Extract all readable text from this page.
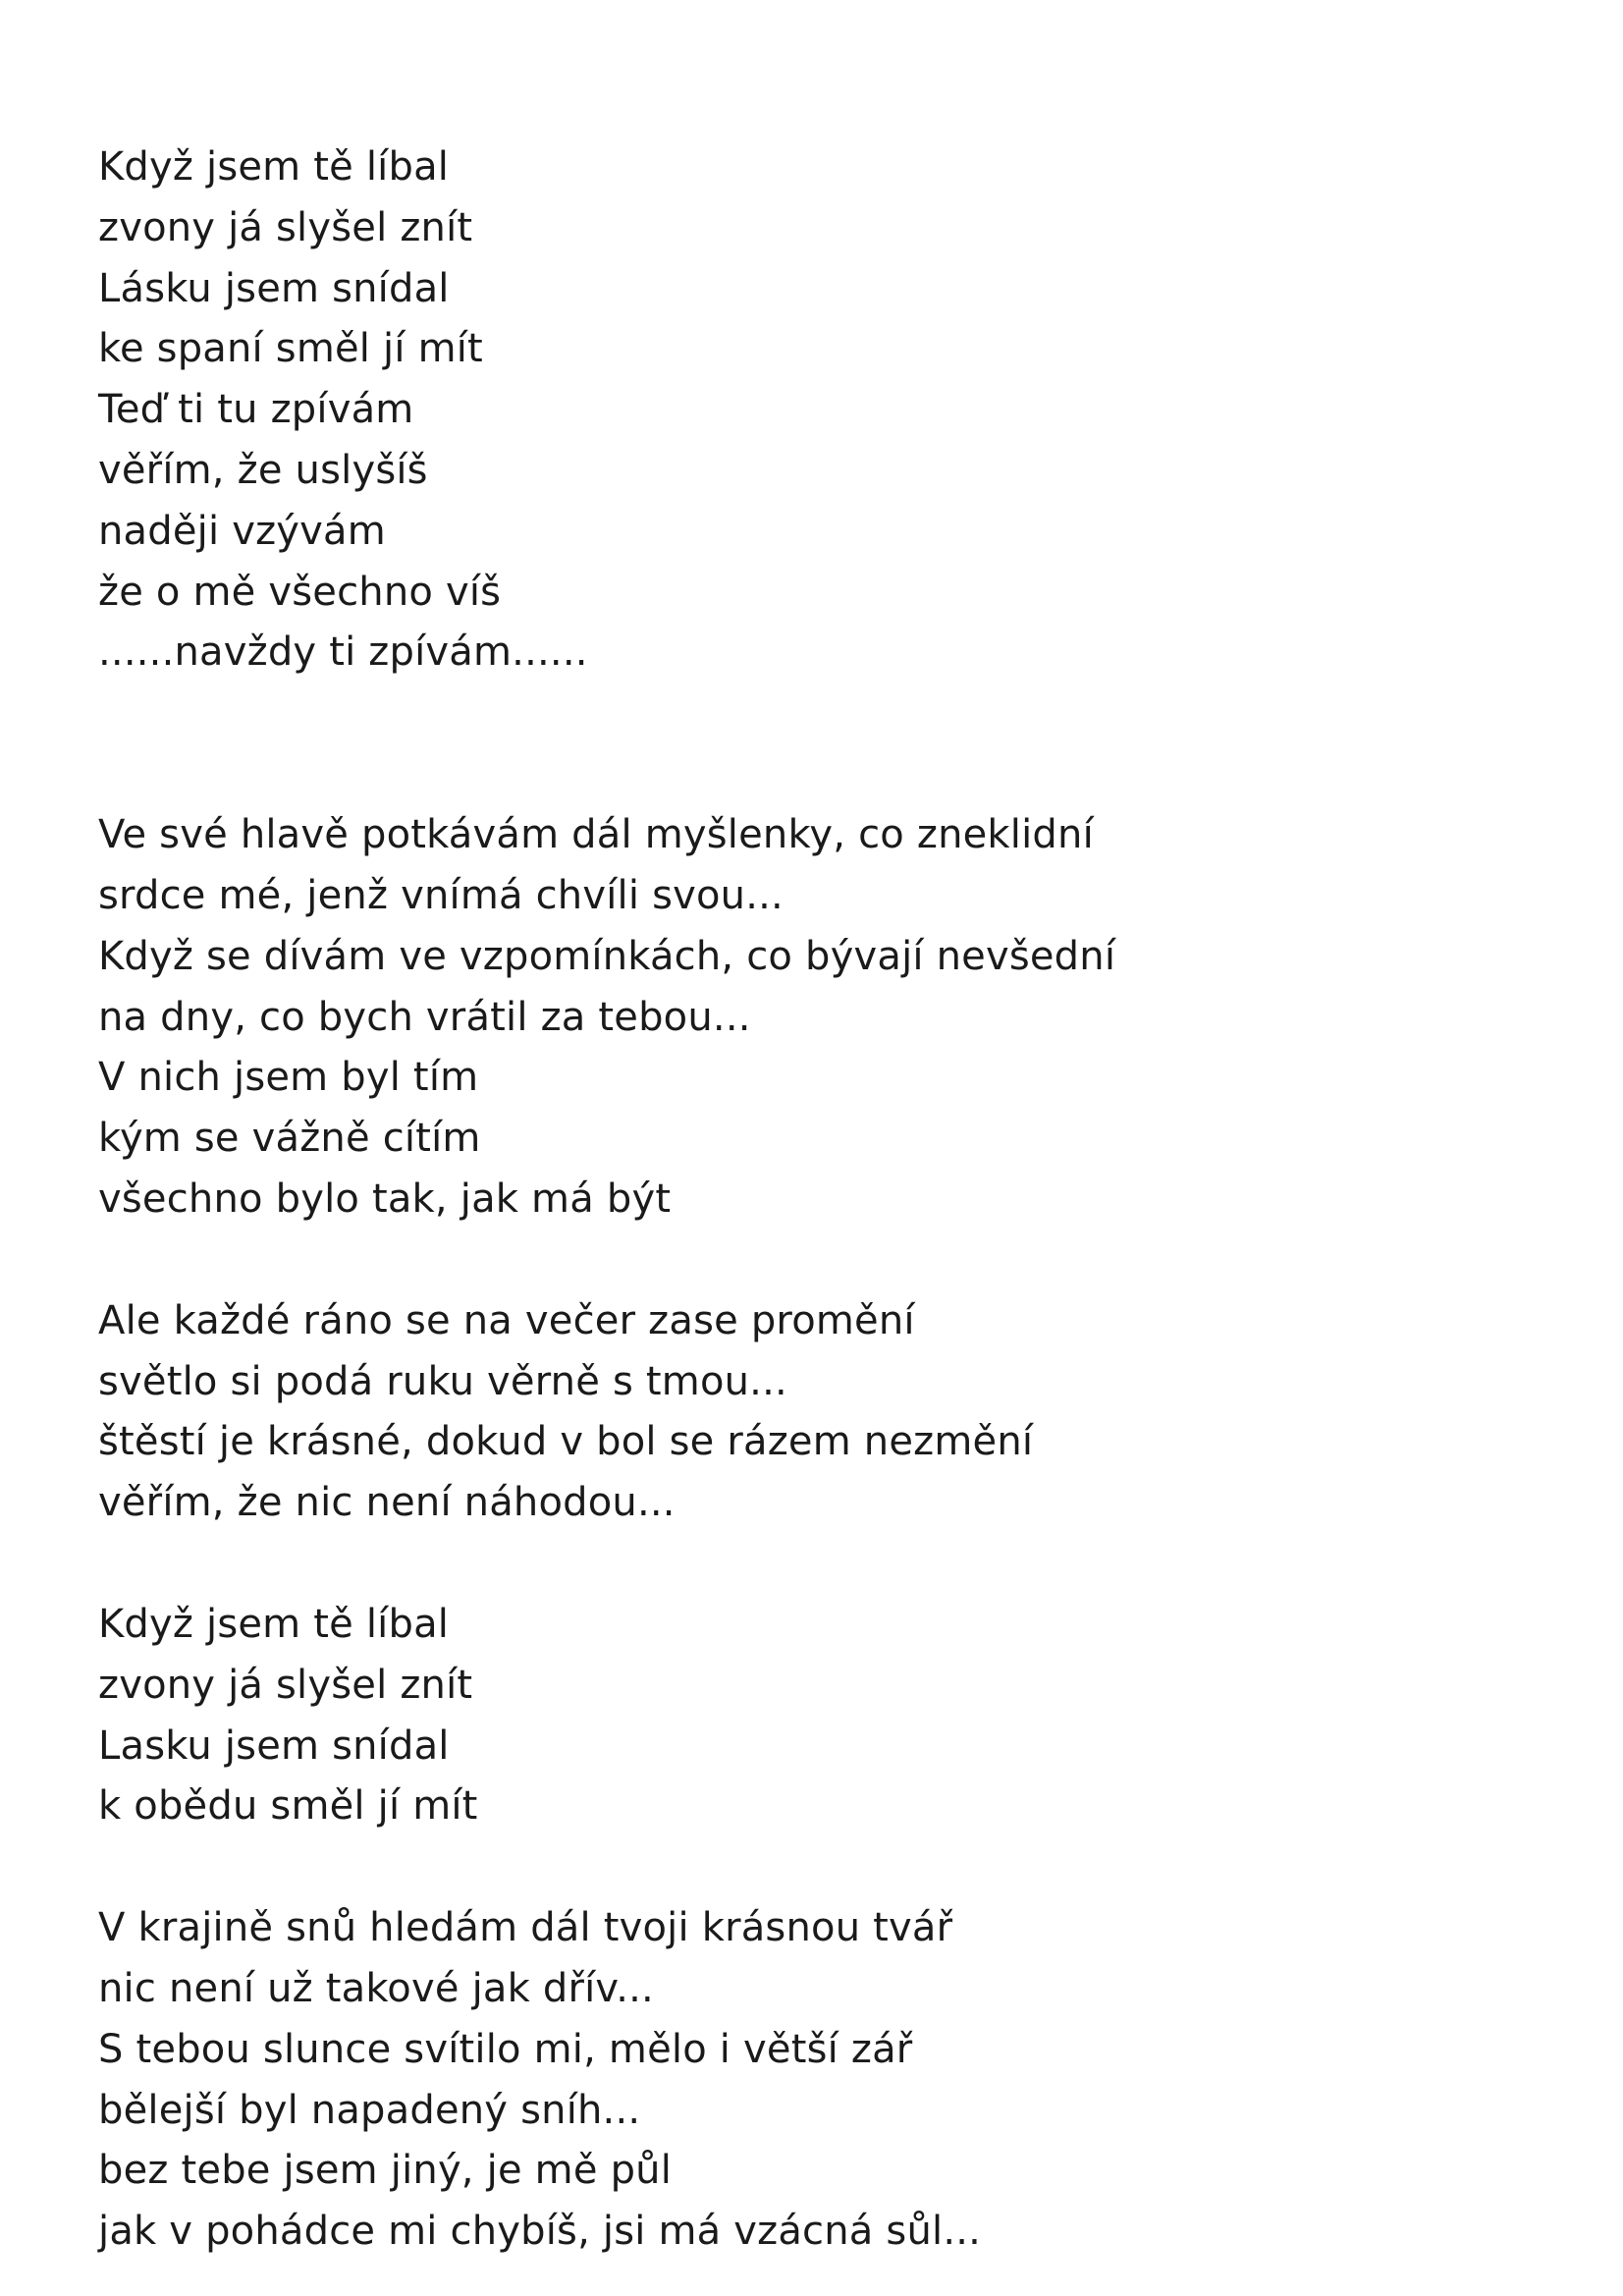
Když jsem tě líbal
zvony já slyšel znít
Lásku jsem snídal
ke spaní směl jí mít
Teď ti tu zpívám
věřím, že uslyšíš
naději vzývám
že o mě všechno víš
......navždy ti zpívám......
Ve své hlavě potkávám dál myšlenky, co zneklidní
srdce mé, jenž vnímá chvíli svou...
Když se dívám ve vzpomínkách, co bývají nevšední
na dny, co bych vrátil za tebou...
V nich jsem byl tím
kým se vážně cítím
všechno bylo tak, jak má být
Ale každé ráno se na večer zase promění
světlo si podá ruku věrně s tmou...
štěstí je krásné, dokud v bol se rázem nezmění
věřím, že nic není náhodou...
Když jsem tě líbal
zvony já slyšel znít
Lasku jsem snídal
k obědu směl jí mít
V krajině snů hledám dál tvoji krásnou tvář
nic není už takové jak dřív...
S tebou slunce svítilo mi, mělo i větší zář
bělejší byl napadený sníh...
bez tebe jsem jiný, je mě půl
jak v pohádce mi chybíš, jsi má vzácná sůl...
